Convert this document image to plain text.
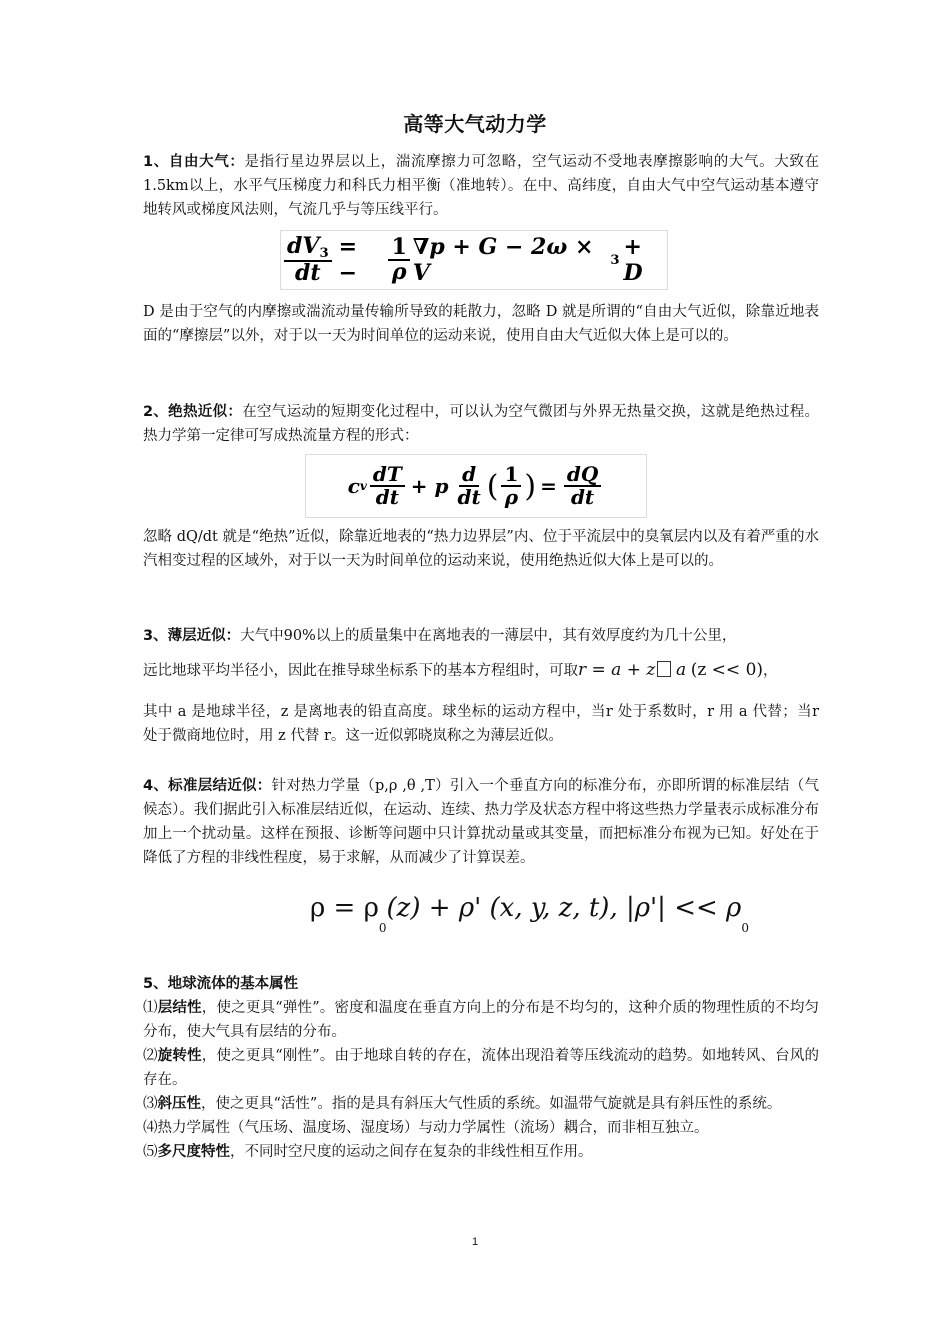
高等大气动力学
1、自由大气：是指行星边界层以上，湍流摩擦力可忽略，空气运动不受地表摩擦影响的大气。大致在1.5km以上，水平气压梯度力和科氏力相平衡（准地转）。在中、高纬度，自由大气中空气运动基本遵守地转风或梯度风法则，气流几乎与等压线平行。
$\frac{dV_3}{dt}$ = −	$\frac{1}{\rho} \nabla p + G - 2\omega \times V$	3 + D
D 是由于空气的内摩擦或湍流动量传输所导致的耗散力，忽略 D 就是所谓的“自由大气近似，除靠近地表面的“摩擦层”以外，对于以一天为时间单位的运动来说，使用自由大气近似大体上是可以的。
2、绝热近似：在空气运动的短期变化过程中，可以认为空气微团与外界无热量交换，这就是绝热过程。热力学第一定律可写成热流量方程的形式：
c v $\frac{dT}{dt} + p \frac{d}{dt}$ ( $\frac{1}{\rho}$ ) = $\frac{dQ}{dt}$
忽略 dQ/dt 就是“绝热”近似，除靠近地表的“热力边界层”内、位于平流层中的臭氧层内以及有着严重的水汽相变过程的区域外，对于以一天为时间单位的运动来说，使用绝热近似大体上是可以的。
3、薄层近似：大气中90%以上的质量集中在离地表的一薄层中，其有效厚度约为几十公里，
远比地球平均半径小，因此在推导球坐标系下的基本方程组时，可取r = a + z a (z << 0)，
其中 a 是地球半径，z 是离地表的铅直高度。球坐标的运动方程中，当r 处于系数时，r 用 a 代替；当r 处于微商地位时，用 z 代替 r。这一近似郭晓岚称之为薄层近似。
4、标准层结近似：针对热力学量（p,ρ ,θ ,T）引入一个垂直方向的标准分布，亦即所谓的标准层结（气候态）。我们据此引入标准层结近似，在运动、连续、热力学及状态方程中将这些热力学量表示成标准分布加上一个扰动量。这样在预报、诊断等问题中只计算扰动量或其变量，而把标准分布视为已知。好处在于降低了方程的非线性程度，易于求解，从而减少了计算误差。
$\rho = \rho_0(z) + \rho'$ (x, y, z, t), $|\rho'| << \rho_0$
5、地球流体的基本属性
⑴层结性，使之更具“弹性”。密度和温度在垂直方向上的分布是不均匀的，这种介质的物理性质的不均匀分布，使大气具有层结的分布。
⑵旋转性，使之更具“刚性”。由于地球自转的存在，流体出现沿着等压线流动的趋势。如地转风、台风的存在。
⑶斜压性，使之更具“活性”。指的是具有斜压大气性质的系统。如温带气旋就是具有斜压性的系统。
⑷热力学属性（气压场、温度场、湿度场）与动力学属性（流场）耦合，而非相互独立。
⑸多尺度特性，不同时空尺度的运动之间存在复杂的非线性相互作用。
1
